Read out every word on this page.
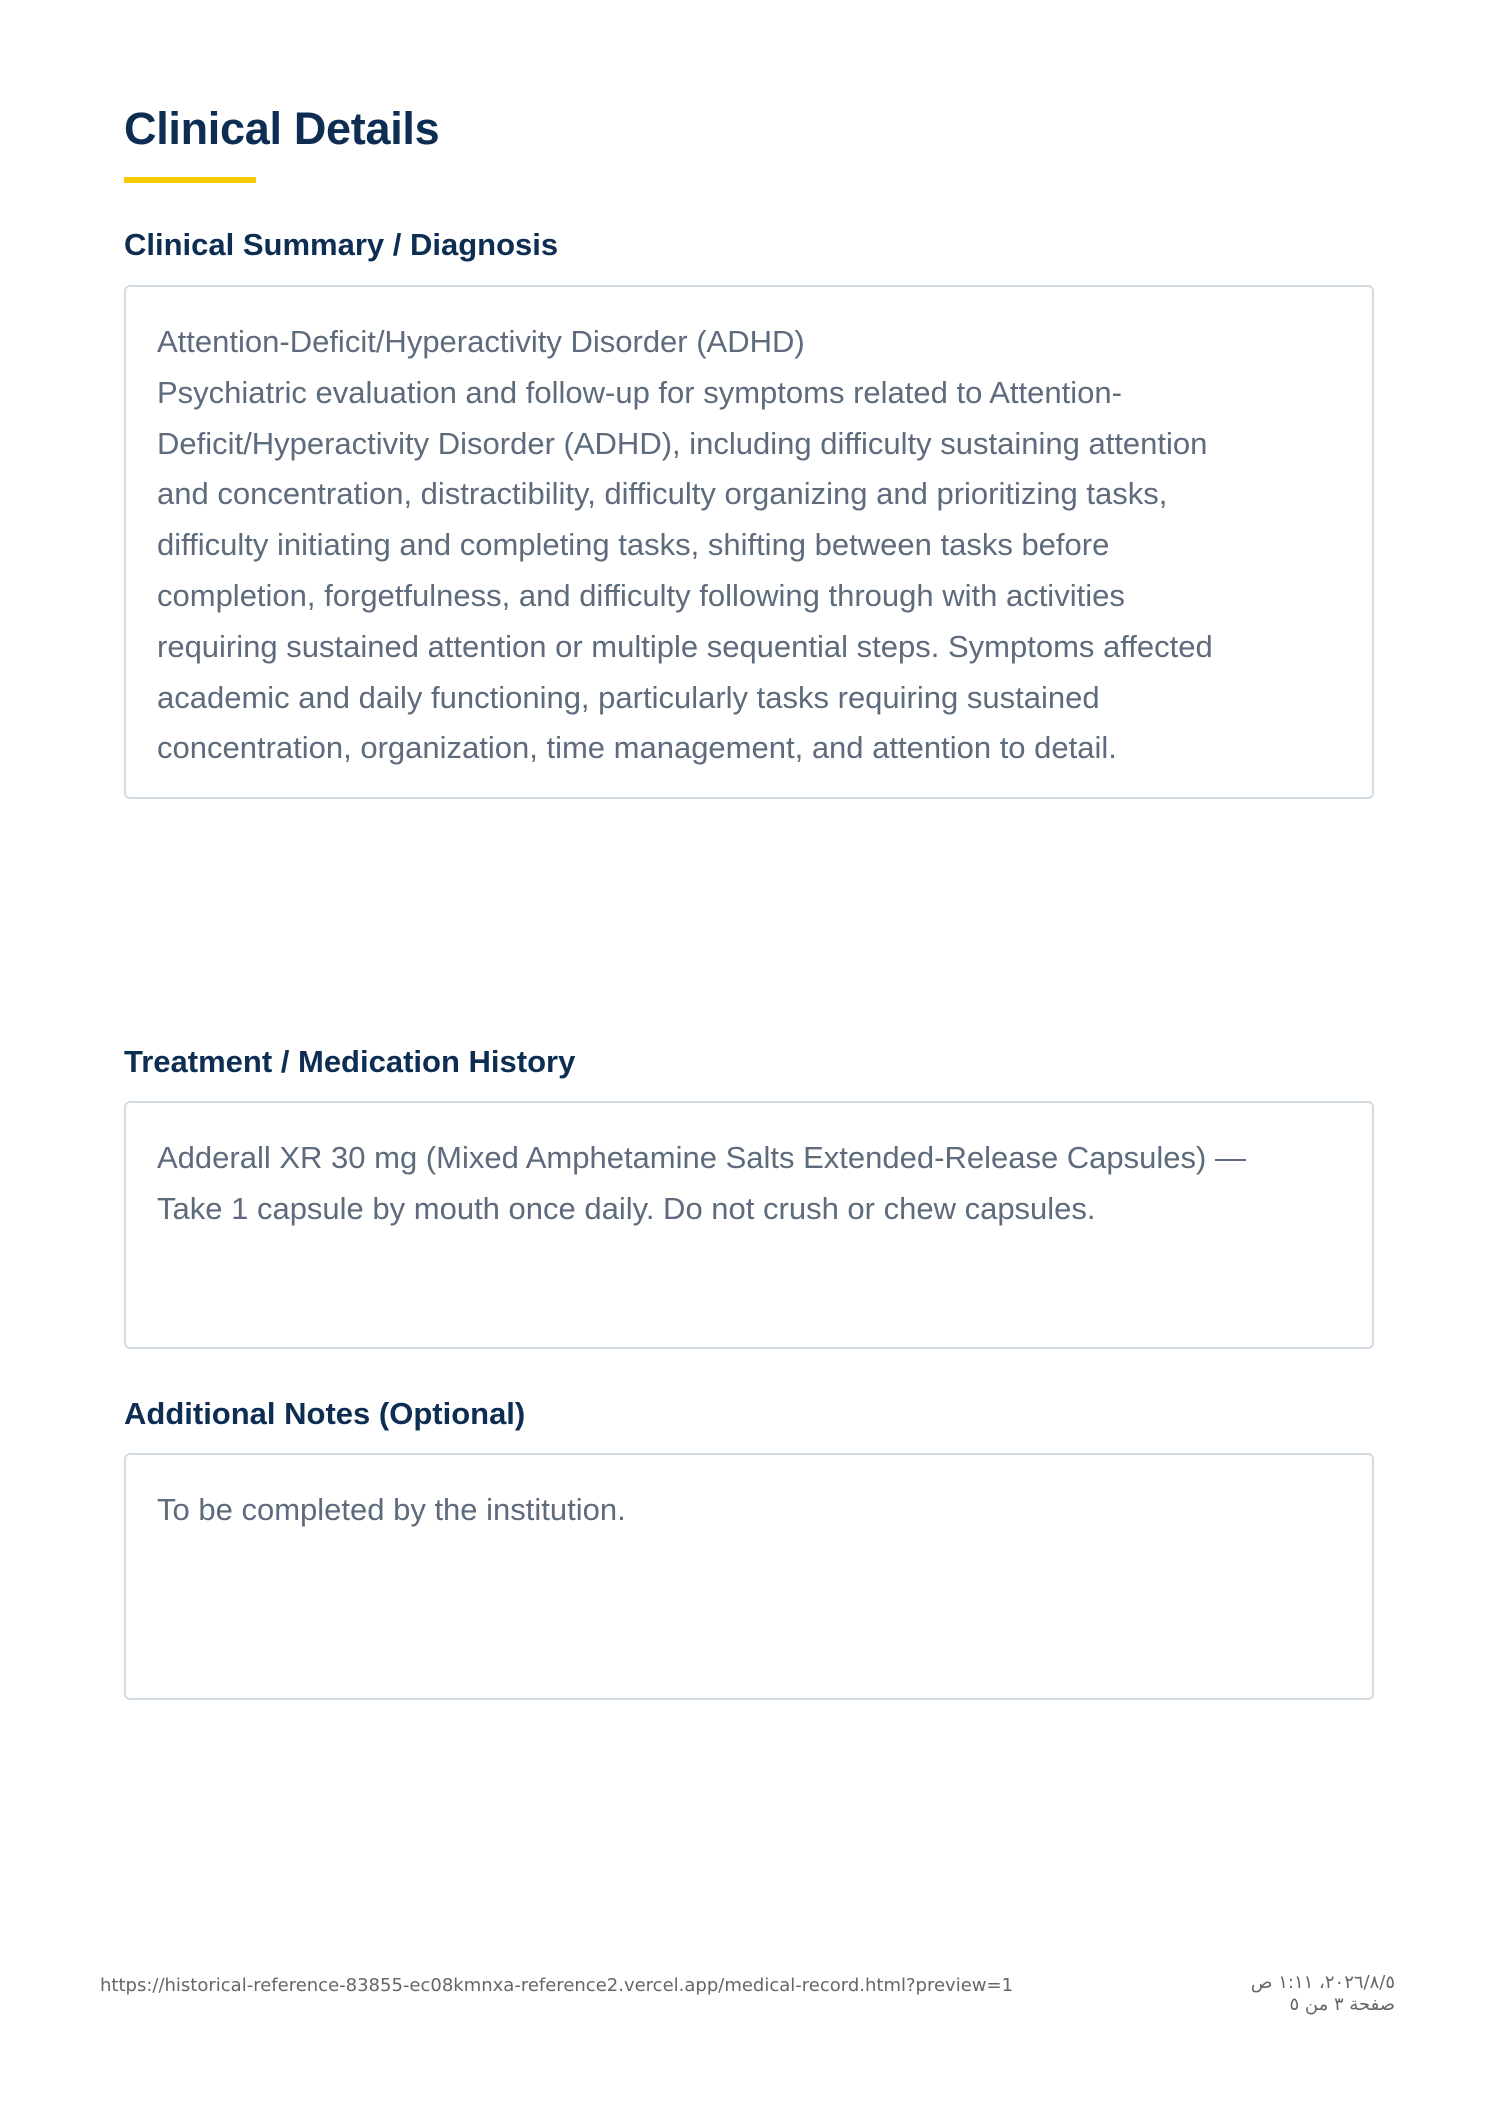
Clinical Details
Clinical Summary / Diagnosis
Attention-Deficit/Hyperactivity Disorder (ADHD)
Psychiatric evaluation and follow-up for symptoms related to Attention-
Deficit/Hyperactivity Disorder (ADHD), including difficulty sustaining attention
and concentration, distractibility, difficulty organizing and prioritizing tasks,
difficulty initiating and completing tasks, shifting between tasks before
completion, forgetfulness, and difficulty following through with activities
requiring sustained attention or multiple sequential steps. Symptoms affected
academic and daily functioning, particularly tasks requiring sustained
concentration, organization, time management, and attention to detail.
Treatment / Medication History
Adderall XR 30 mg (Mixed Amphetamine Salts Extended-Release Capsules) —
Take 1 capsule by mouth once daily. Do not crush or chew capsules.
Additional Notes (Optional)
To be completed by the institution.
https://historical-reference-83855-ec08kmnxa-reference2.vercel.app/medical-record.html?preview=1	٢٠٢٦/٨/٥، ١:١١ ص
صفحة ٣ من ٥
